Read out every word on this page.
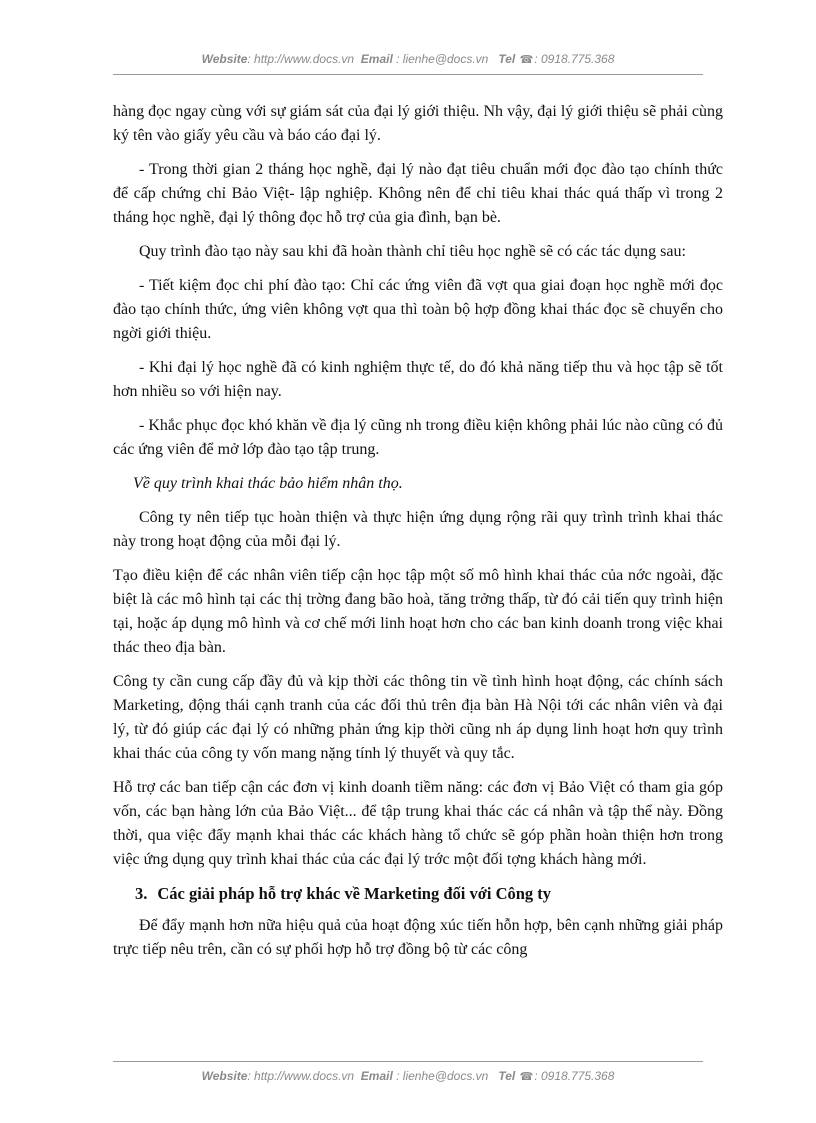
Website: http://www.docs.vn Email : lienhe@docs.vn Tel ☎: 0918.775.368

hàng đọc ngay cùng với sự giám sát của đại lý giới thiệu. Nh vậy, đại lý giới thiệu sẽ phải cùng ký tên vào giấy yêu cầu và báo cáo đại lý.

- Trong thời gian 2 tháng học nghề, đại lý nào đạt tiêu chuẩn mới đọc đào tạo chính thức để cấp chứng chỉ Bảo Việt- lập nghiệp. Không nên để chỉ tiêu khai thác quá thấp vì trong 2 tháng học nghề, đại lý thông đọc hỗ trợ của gia đình, bạn bè.

Quy trình đào tạo này sau khi đã hoàn thành chỉ tiêu học nghề sẽ có các tác dụng sau:

- Tiết kiệm đọc chi phí đào tạo: Chỉ các ứng viên đã vợt qua giai đoạn học nghề mới đọc đào tạo chính thức, ứng viên không vợt qua thì toàn bộ hợp đồng khai thác đọc sẽ chuyển cho ngời giới thiệu.

- Khi đại lý học nghề đã có kinh nghiệm thực tế, do đó khả năng tiếp thu và học tập sẽ tốt hơn nhiều so với hiện nay.

- Khắc phục đọc khó khăn về địa lý cũng nh trong điều kiện không phải lúc nào cũng có đủ các ứng viên để mở lớp đào tạo tập trung.

Về quy trình khai thác bảo hiểm nhân thọ.

Công ty nên tiếp tục hoàn thiện và thực hiện ứng dụng rộng rãi quy trình trình khai thác này trong hoạt động của mỗi đại lý.

Tạo điều kiện để các nhân viên tiếp cận học tập một số mô hình khai thác của nớc ngoài, đặc biệt là các mô hình tại các thị trờng đang bão hoà, tăng trởng thấp, từ đó cải tiến quy trình hiện tại, hoặc áp dụng mô hình và cơ chế mới linh hoạt hơn cho các ban kinh doanh trong việc khai thác theo địa bàn.

Công ty cần cung cấp đầy đủ và kịp thời các thông tin về tình hình hoạt động, các chính sách Marketing, động thái cạnh tranh của các đối thủ trên địa bàn Hà Nội tới các nhân viên và đại lý, từ đó giúp các đại lý có những phản ứng kịp thời cũng nh áp dụng linh hoạt hơn quy trình khai thác của công ty vốn mang nặng tính lý thuyết và quy tắc.

Hỗ trợ các ban tiếp cận các đơn vị kinh doanh tiềm năng: các đơn vị Bảo Việt có tham gia góp vốn, các bạn hàng lớn của Bảo Việt... để tập trung khai thác các cá nhân và tập thể này. Đồng thời, qua việc đẩy mạnh khai thác các khách hàng tổ chức sẽ góp phần hoàn thiện hơn trong việc ứng dụng quy trình khai thác của các đại lý trớc một đối tợng khách hàng mới.

3. Các giải pháp hỗ trợ khác về Marketing đối với Công ty

Để đẩy mạnh hơn nữa hiệu quả của hoạt động xúc tiến hỗn hợp, bên cạnh những giải pháp trực tiếp nêu trên, cần có sự phối hợp hỗ trợ đồng bộ từ các công

Website: http://www.docs.vn Email : lienhe@docs.vn Tel ☎: 0918.775.368
